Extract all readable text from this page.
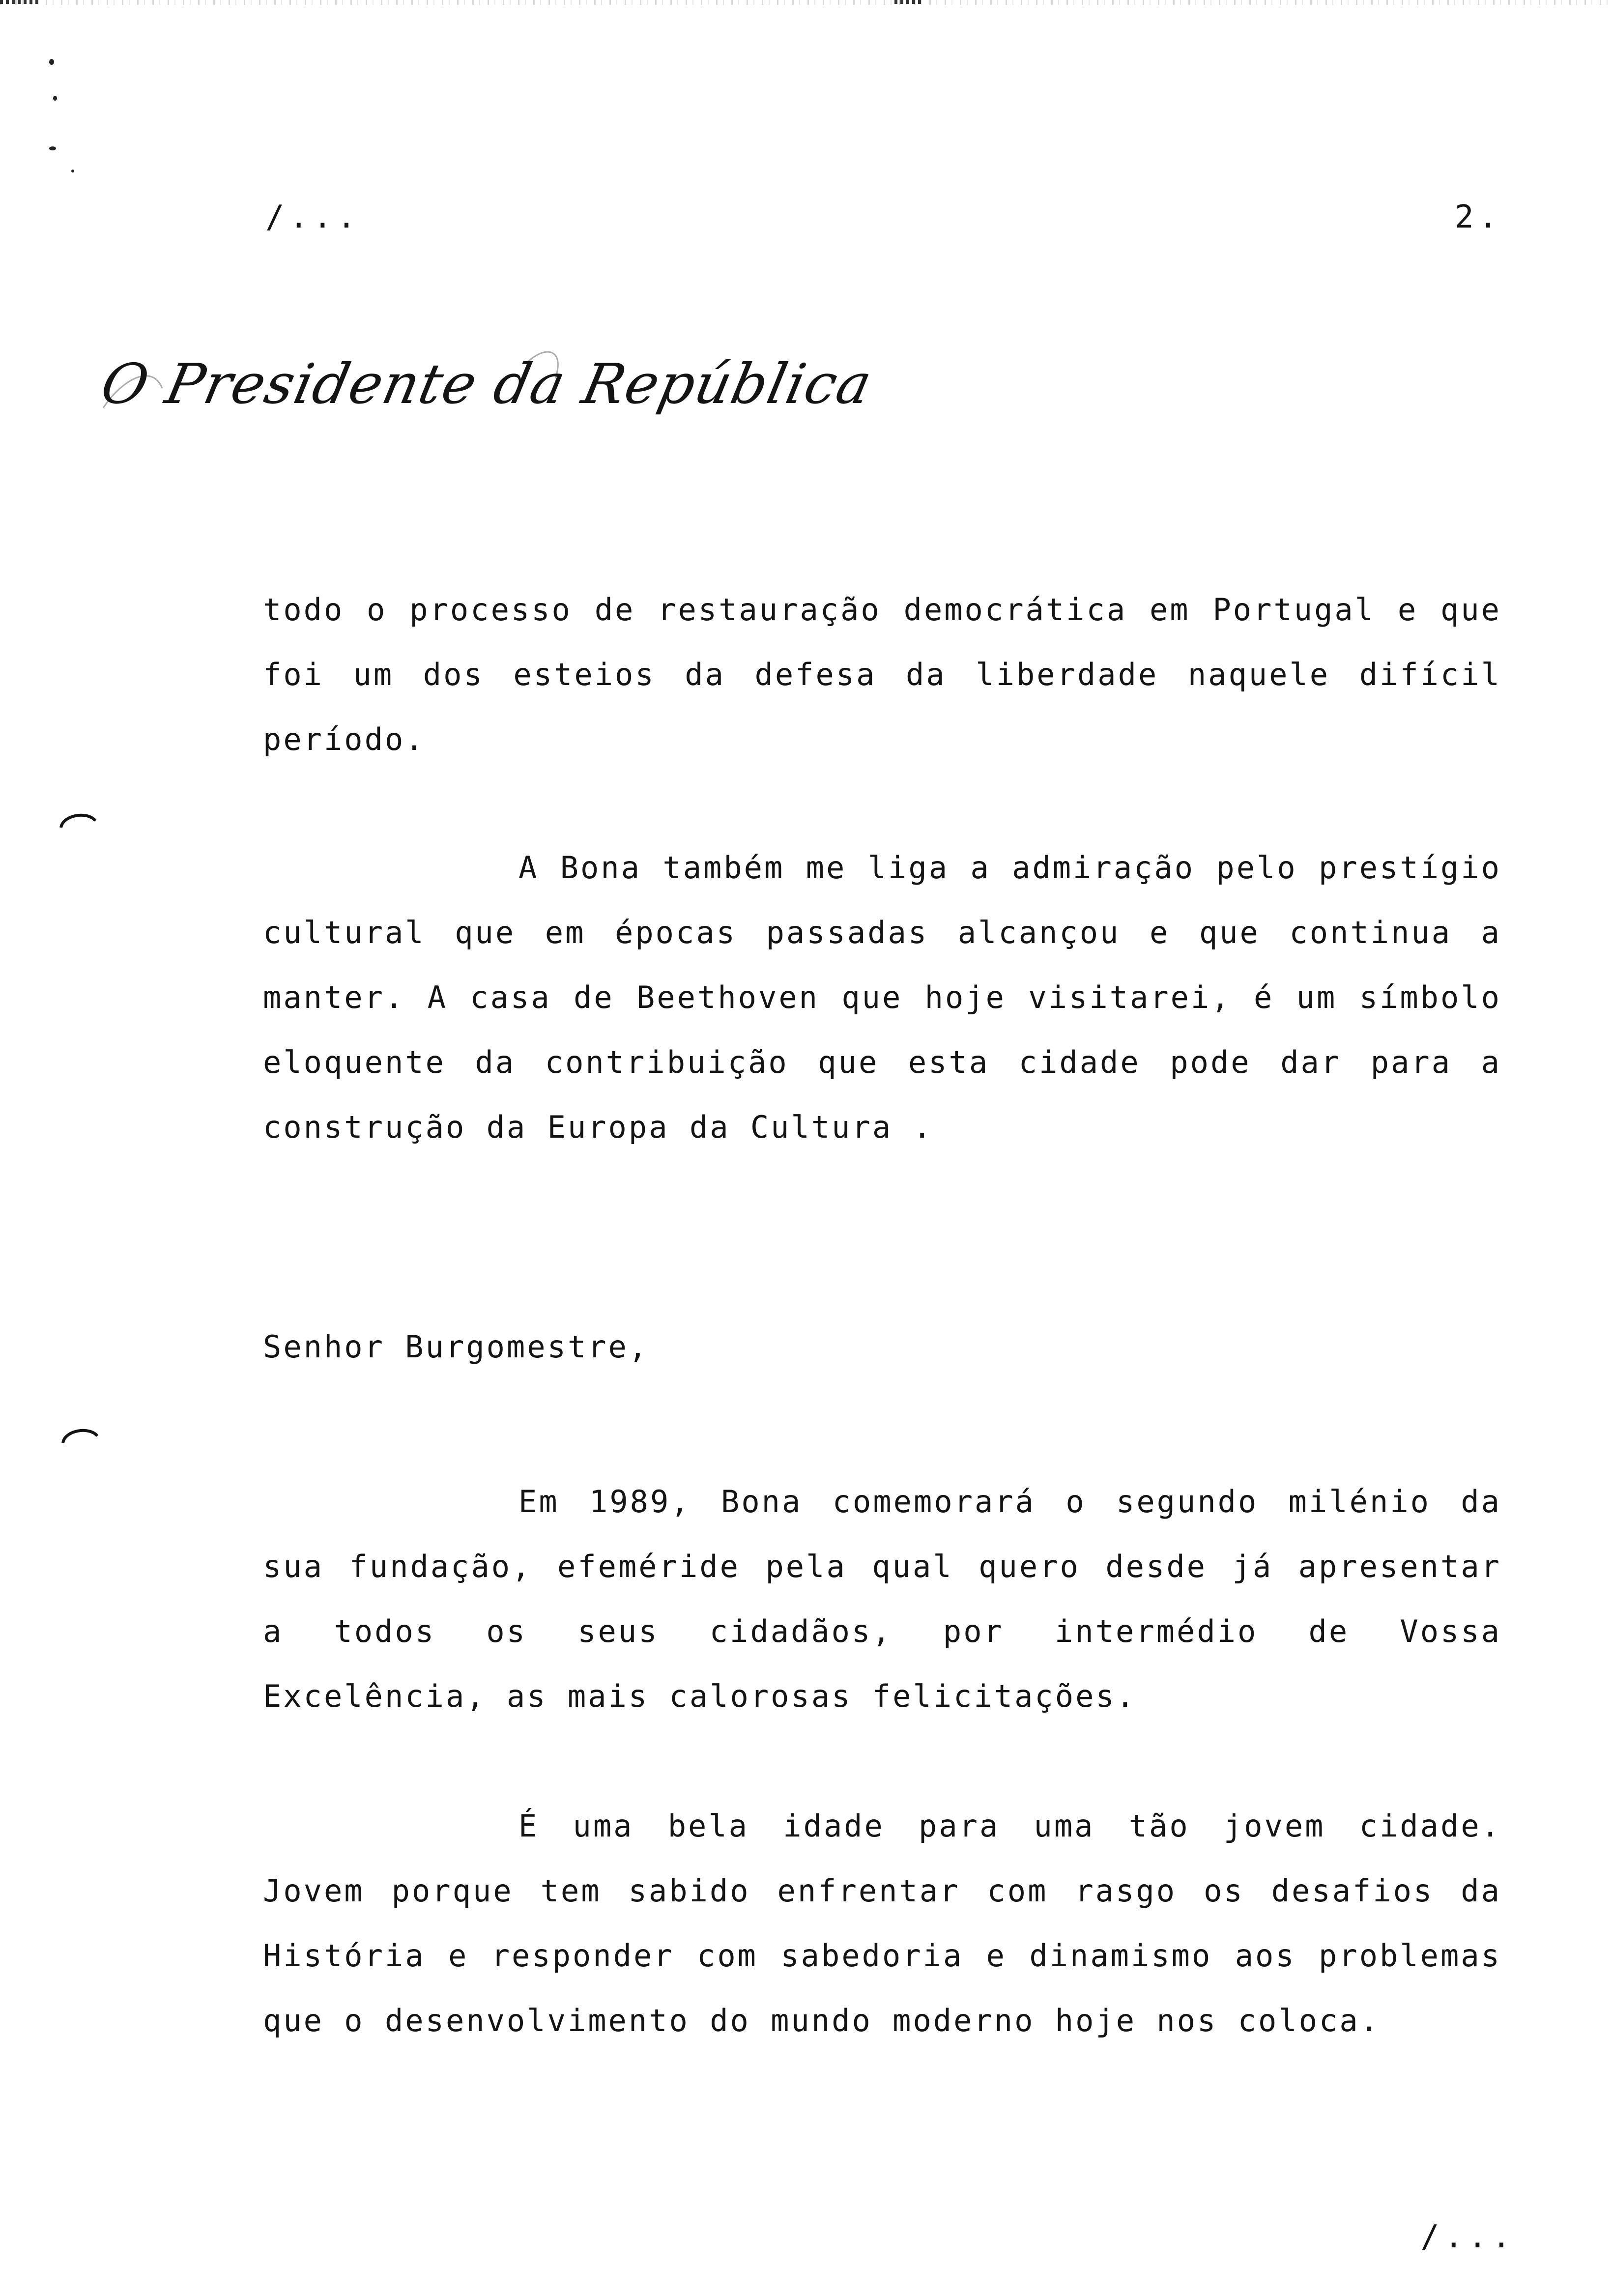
/...	2.
O Presidente da República

todo o processo de restauração democrática em Portugal e que foi um dos esteios da defesa da liberdade naquele difícil período.

A Bona também me liga a admiração pelo prestígio cultural que em épocas passadas alcançou e que continua a manter. A casa de Beethoven que hoje visitarei, é um símbolo eloquente da contribuição que esta cidade pode dar para a construção da Europa da Cultura .

Senhor Burgomestre,

Em 1989, Bona comemorará o segundo milénio da sua fundação, efeméride pela qual quero desde já apresentar a todos os seus cidadãos, por intermédio de Vossa Excelência, as mais calorosas felicitações.

É uma bela idade para uma tão jovem cidade. Jovem porque tem sabido enfrentar com rasgo os desafios da História e responder com sabedoria e dinamismo aos problemas que o desenvolvimento do mundo moderno hoje nos coloca.

/...
